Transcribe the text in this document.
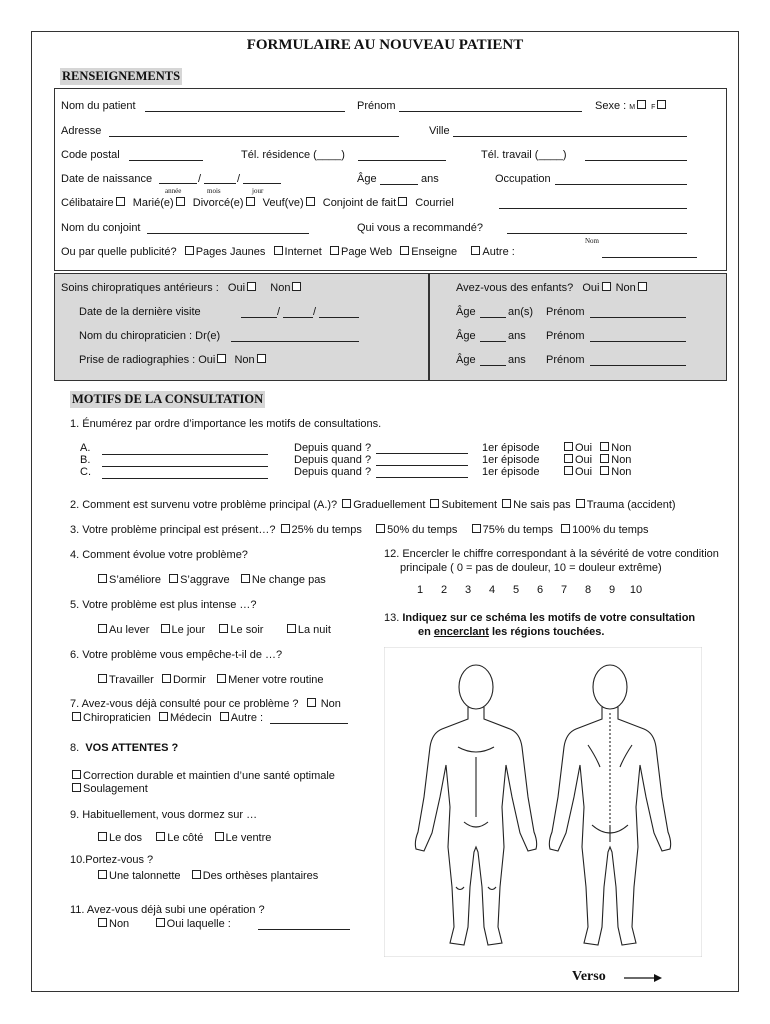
FORMULAIRE AU NOUVEAU PATIENT
RENSEIGNEMENTS
Nom du patient	Prénom	Sexe : M F
Adresse	Ville
Code postal	Tél. résidence (____)	Tél. travail (____)
Date de naissance	/	/
année	mois	jour
Âge	ans	Occupation
Célibataire Marié(e) Divorcé(e) Veuf(ve) Conjoint de fait Courriel
Nom du conjoint	Qui vous a recommandé?
Nom
Ou par quelle publicité? Pages Jaunes Internet Page Web Enseigne Autre :
Soins chiropratiques antérieurs : Oui Non
Date de la dernière visite	/	/
Nom du chiropraticien : Dr(e)
Prise de radiographies : Oui Non
Avez-vous des enfants? Oui Non
Âge	an(s) Prénom
Âge	ans Prénom
Âge	ans Prénom
MOTIFS DE LA CONSULTATION
1. Énumérez par ordre d’importance les motifs de consultations.
A.	Depuis quand ?	1er épisode	Oui Non
B.	Depuis quand ?	1er épisode	Oui Non
C.	Depuis quand ?	1er épisode	Oui Non
2. Comment est survenu votre problème principal (A.)? Graduellement Subitement Ne sais pas Trauma (accident)
3. Votre problème principal est présent…? 25% du temps 50% du temps 75% du temps 100% du temps
4. Comment évolue votre problème?
S’améliore S’aggrave Ne change pas
5. Votre problème est plus intense …?
Au lever Le jour Le soir	La nuit
6. Votre problème vous empêche-t-il de …?
Travailler Dormir Mener votre routine
7. Avez-vous déjà consulté pour ce problème ? Non
Chiropraticien Médecin Autre :
8. VOS ATTENTES ?
Correction durable et maintien d’une santé optimale
Soulagement
9. Habituellement, vous dormez sur …
Le dos Le côté Le ventre
10.Portez-vous ?
Une talonnette Des orthèses plantaires
11. Avez-vous déjà subi une opération ?
Non	Oui laquelle :
12. Encercler le chiffre correspondant à la sévérité de votre condition
principale ( 0 = pas de douleur, 10 = douleur extrême)
1 2 3 4 5 6 7 8 9 10
13. Indiquez sur ce schéma les motifs de votre consultation
en encerclant les régions touchées.
Verso
